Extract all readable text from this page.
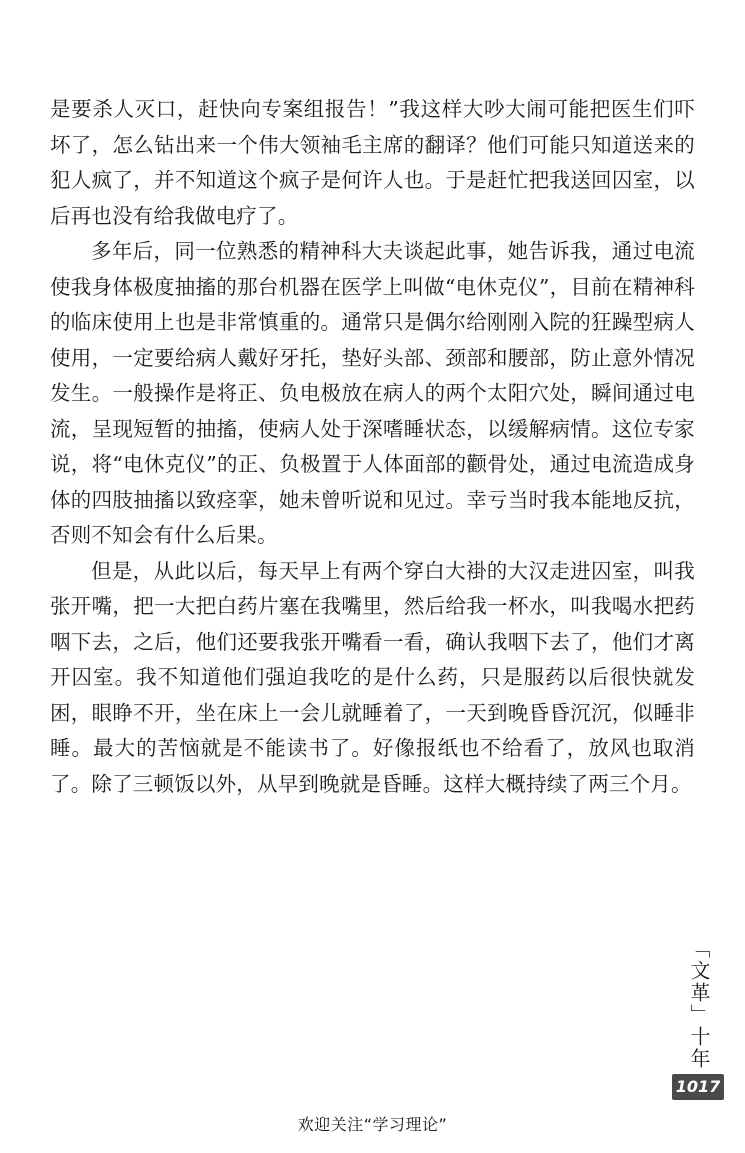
是要杀人灭口，赶快向专案组报告！”我这样大吵大闹可能把医生们吓坏了，怎么钻出来一个伟大领袖毛主席的翻译？他们可能只知道送来的犯人疯了，并不知道这个疯子是何许人也。于是赶忙把我送回囚室，以后再也没有给我做电疗了。

多年后，同一位熟悉的精神科大夫谈起此事，她告诉我，通过电流使我身体极度抽搐的那台机器在医学上叫做“电休克仪”，目前在精神科的临床使用上也是非常慎重的。通常只是偶尔给刚刚入院的狂躁型病人使用，一定要给病人戴好牙托，垫好头部、颈部和腰部，防止意外情况发生。一般操作是将正、负电极放在病人的两个太阳穴处，瞬间通过电流，呈现短暂的抽搐，使病人处于深嗜睡状态，以缓解病情。这位专家说，将“电休克仪”的正、负极置于人体面部的颧骨处，通过电流造成身体的四肢抽搐以致痉挛，她未曾听说和见过。幸亏当时我本能地反抗，否则不知会有什么后果。

但是，从此以后，每天早上有两个穿白大褂的大汉走进囚室，叫我张开嘴，把一大把白药片塞在我嘴里，然后给我一杯水，叫我喝水把药咽下去，之后，他们还要我张开嘴看一看，确认我咽下去了，他们才离开囚室。我不知道他们强迫我吃的是什么药，只是服药以后很快就发困，眼睁不开，坐在床上一会儿就睡着了，一天到晚昏昏沉沉，似睡非睡。最大的苦恼就是不能读书了。好像报纸也不给看了，放风也取消了。除了三顿饭以外，从早到晚就是昏睡。这样大概持续了两三个月。

「文革」
十年
1017
欢迎关注“学习理论”
